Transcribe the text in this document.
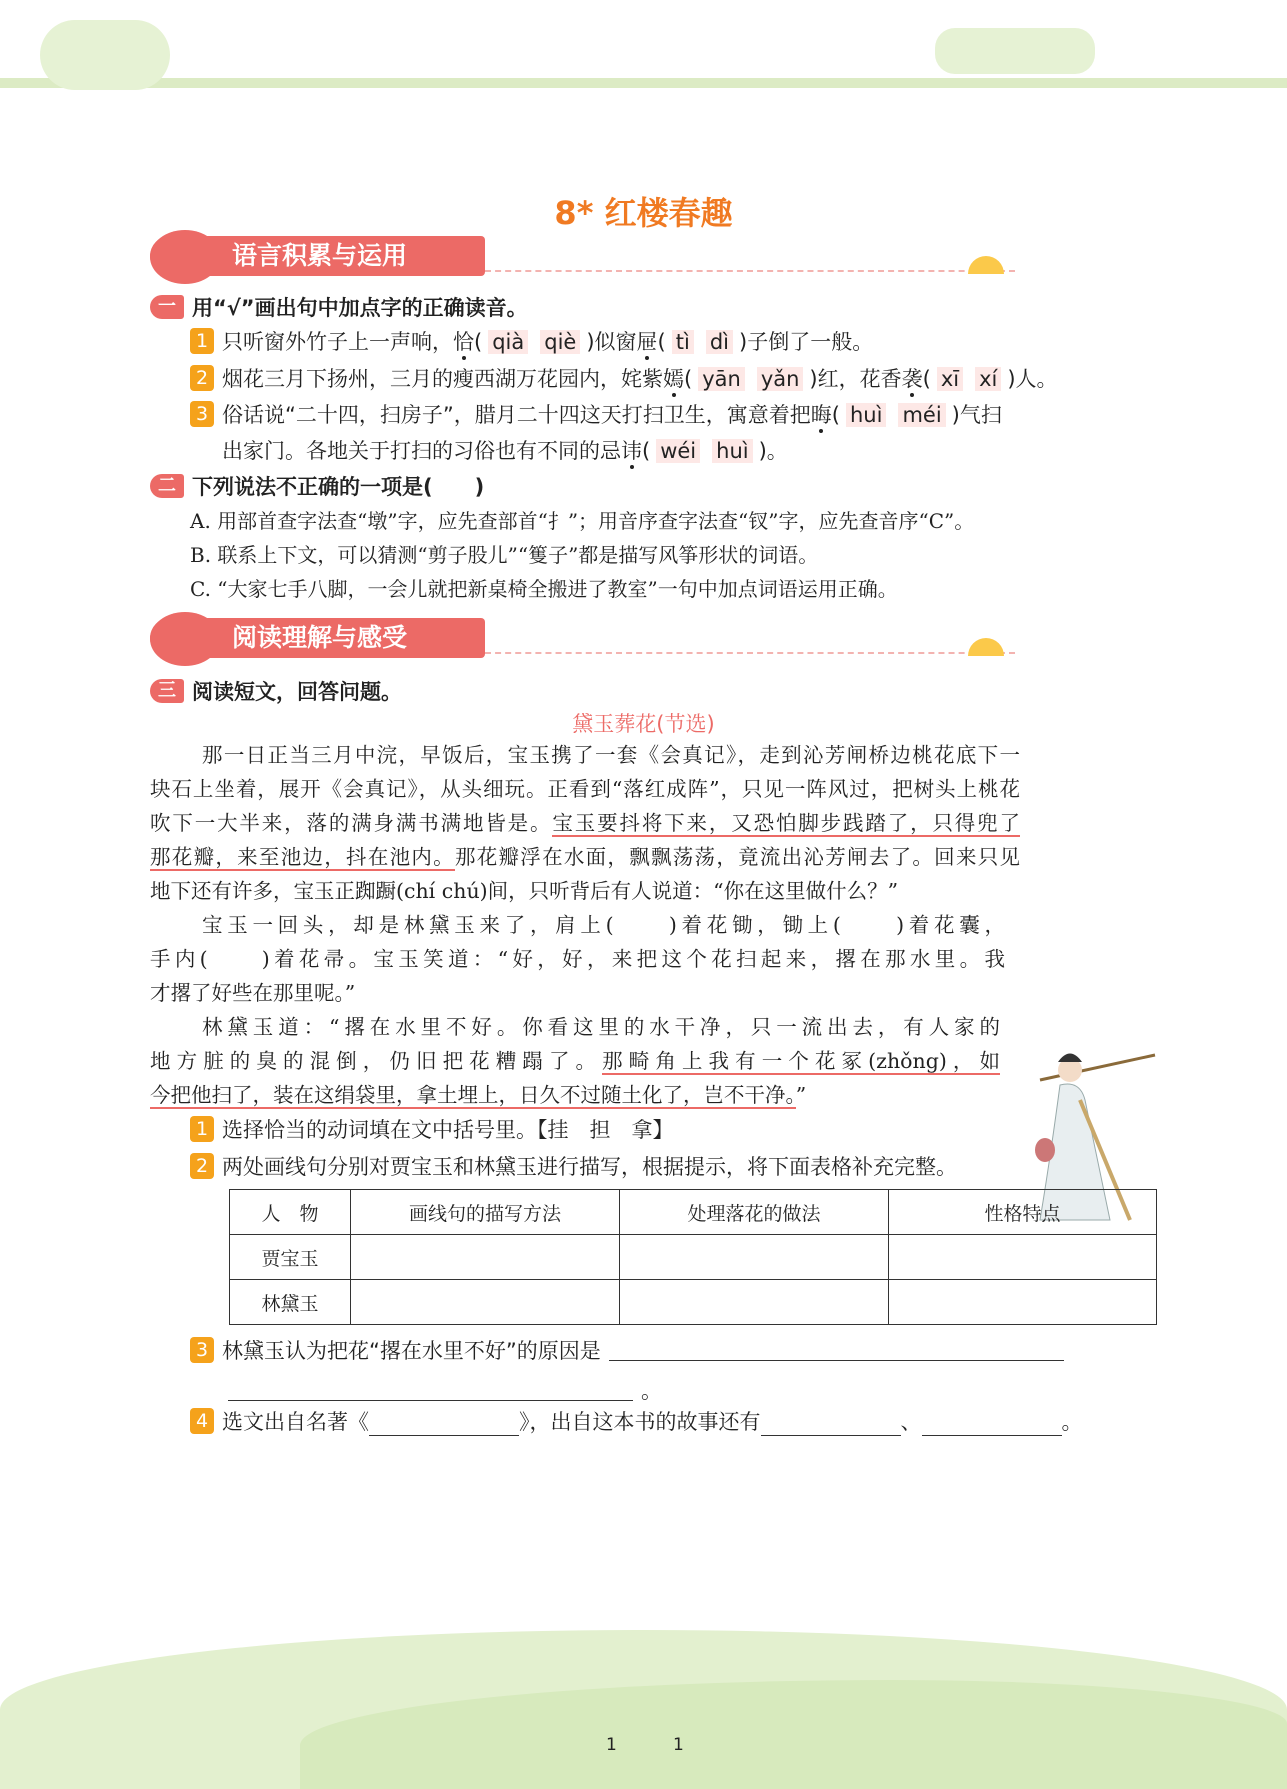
8* 红楼春趣
语言积累与运用
一 用“√”画出句中加点字的正确读音。
1 只听窗外竹子上一声响，恰( qià qiè )似窗屉( tì dì )子倒了一般。
2 烟花三月下扬州，三月的瘦西湖万花园内，姹紫嫣( yān yǎn )红，花香袭( xī xí )人。
3 俗话说“二十四，扫房子”，腊月二十四这天打扫卫生，寓意着把晦( huì méi )气扫
出家门。各地关于打扫的习俗也有不同的忌讳( wéi huì )。
二 下列说法不正确的一项是(　　)
A. 用部首查字法查“墩”字，应先查部首“扌”；用音序查字法查“钗”字，应先查音序“C”。
B. 联系上下文，可以猜测“剪子股儿”“篗子”都是描写风筝形状的词语。
C. “大家七手八脚，一会儿就把新桌椅全搬进了教室”一句中加点词语运用正确。
阅读理解与感受
三 阅读短文，回答问题。
黛玉葬花(节选)
那一日正当三月中浣，早饭后，宝玉携了一套《会真记》，走到沁芳闸桥边桃花底下一
块石上坐着，展开《会真记》，从头细玩。正看到“落红成阵”，只见一阵风过，把树头上桃花
吹下一大半来，落的满身满书满地皆是。宝玉要抖将下来，又恐怕脚步践踏了，只得兜了
那花瓣，来至池边，抖在池内。那花瓣浮在水面，飘飘荡荡，竟流出沁芳闸去了。回来只见
地下还有许多，宝玉正踟蹰(chí chú)间，只听背后有人说道：“你在这里做什么？”
宝玉一回头，却是林黛玉来了，肩上(　　)着花锄，锄上(　　)着花囊，
手内(　　)着花帚。宝玉笑道：“好，好，来把这个花扫起来，撂在那水里。我
才撂了好些在那里呢。”
林黛玉道：“撂在水里不好。你看这里的水干净，只一流出去，有人家的
地方脏的臭的混倒，仍旧把花糟蹋了。那畸角上我有一个花冢(zhǒng)，如
今把他扫了，装在这绢袋里，拿土埋上，日久不过随土化了，岂不干净。”
1 选择恰当的动词填在文中括号里。【挂　担　拿】
2 两处画线句分别对贾宝玉和林黛玉进行描写，根据提示，将下面表格补充完整。
人　物	画线句的描写方法	处理落花的做法	性格特点
贾宝玉			
林黛玉			
3 林黛玉认为把花“撂在水里不好”的原因是
。
4 选文出自名著《	》，出自这本书的故事还有	、	。
1	1
